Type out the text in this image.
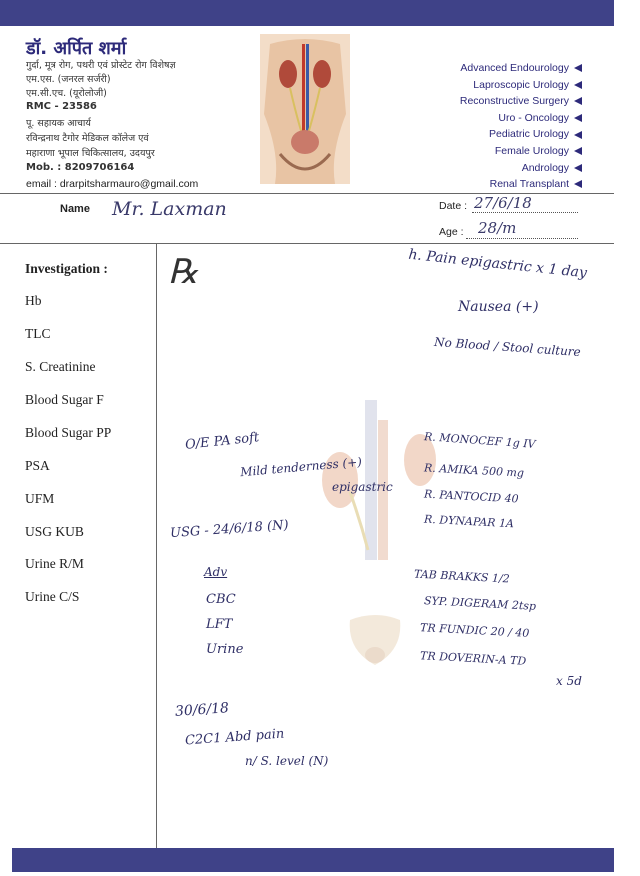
डॉ. अर्पित शर्मा
गुर्दा, मूत्र रोग, पथरी एवं प्रोस्टेट रोग विशेषज्ञ
एम.एस. (जनरल सर्जरी)
एम.सी.एच. (यूरोलोजी)
RMC - 23586
पू. सहायक आचार्य
रविन्द्रनाथ टैगोर मेडिकल कॉलेज एवं
महाराणा भूपाल चिकित्सालय, उदयपुर
Mob. : 8209706164
email : drarpitsharmauro@gmail.com
Advanced Endourology
Laproscopic Urology
Reconstructive Surgery
Uro - Oncology
Pediatric Urology
Female Urology
Andrology
Renal Transplant
Name Mr. Laxman	Date : 27/6/18
Age : 28/m
Investigation :
Hb
TLC
S. Creatinine
Blood Sugar F
Blood Sugar PP
PSA
UFM
USG KUB
Urine R/M
Urine C/S
℞	h. Pain epigastric x 1 day
Nausea (+)
No Blood / Stool culture
O/E PA soft
Mild tenderness (+)
epigastric
USG - 24/6/18 (N)
Adv
CBC
LFT
Urine
R. MONOCEF 1g IV
R. AMIKA 500 mg
R. PANTOCID 40
R. DYNAPAR 1A
TAB BRAKKS 1/2
SYP. DIGERAM 2tsp
TR FUNDIC 20 / 40
TR DOVERIN-A TD
x 5d
30/6/18
C2C1 Abd pain
n/ S. level (N)
